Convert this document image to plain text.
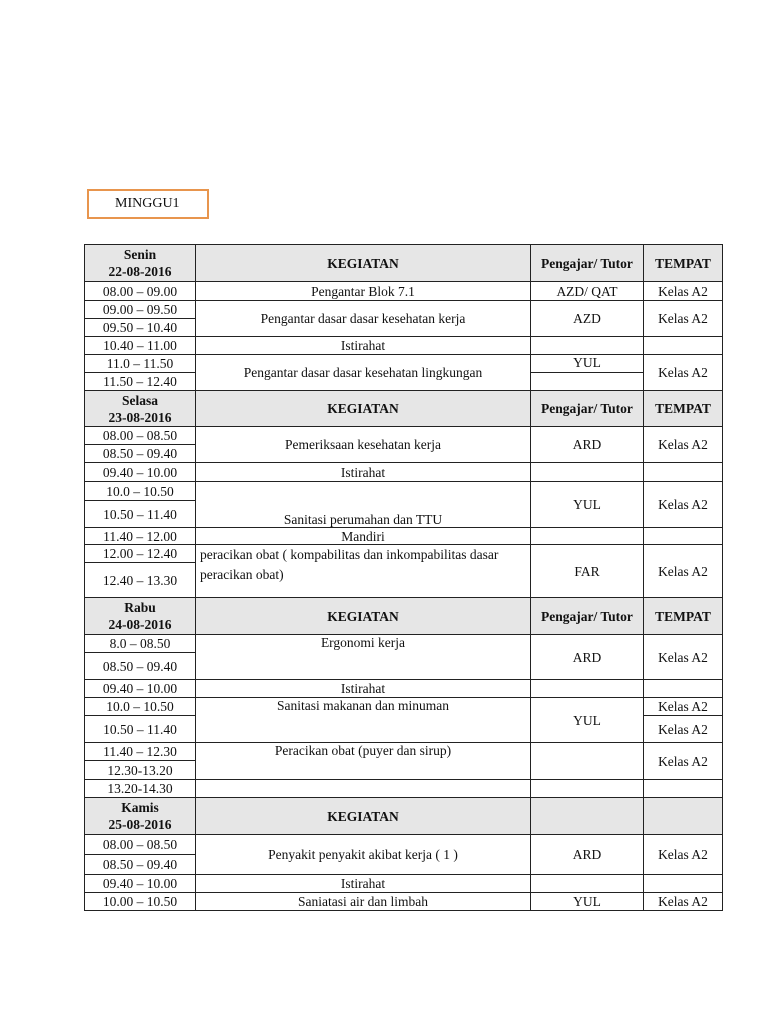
MINGGU1
Senin
22-08-2016	KEGIATAN	Pengajar/ Tutor	TEMPAT
08.00 – 09.00	Pengantar Blok 7.1	AZD/ QAT	Kelas A2
09.00 – 09.50	Pengantar dasar dasar kesehatan kerja	AZD	Kelas A2
09.50 – 10.40			
10.40 – 11.00	Istirahat		
11.0 – 11.50	Pengantar dasar dasar kesehatan lingkungan	YUL	Kelas A2
11.50 – 12.40			
Selasa
23-08-2016	KEGIATAN	Pengajar/ Tutor	TEMPAT
08.00 – 08.50	Pemeriksaan kesehatan kerja	ARD	Kelas A2
08.50 – 09.40			
09.40 – 10.00	Istirahat		
10.0 – 10.50	Sanitasi perumahan dan TTU	YUL	Kelas A2
10.50 – 11.40			
11.40 – 12.00	Mandiri		
12.00 – 12.40	peracikan obat ( kompabilitas dan inkompabilitas dasar peracikan obat)	FAR	Kelas A2
12.40 – 13.30			
Rabu
24-08-2016	KEGIATAN	Pengajar/ Tutor	TEMPAT
8.0 – 08.50	Ergonomi kerja	ARD	Kelas A2
08.50 – 09.40			
09.40 – 10.00	Istirahat		
10.0 – 10.50	Sanitasi makanan dan minuman	YUL	Kelas A2
10.50 – 11.40			Kelas A2
11.40 – 12.30	Peracikan obat (puyer dan sirup)		Kelas A2
12.30-13.20			
13.20-14.30			
Kamis
25-08-2016	KEGIATAN		
08.00 – 08.50	Penyakit penyakit akibat kerja ( 1 )	ARD	Kelas A2
08.50 – 09.40			
09.40 – 10.00	Istirahat		
10.00 – 10.50	Saniatasi air dan limbah	YUL	Kelas A2
